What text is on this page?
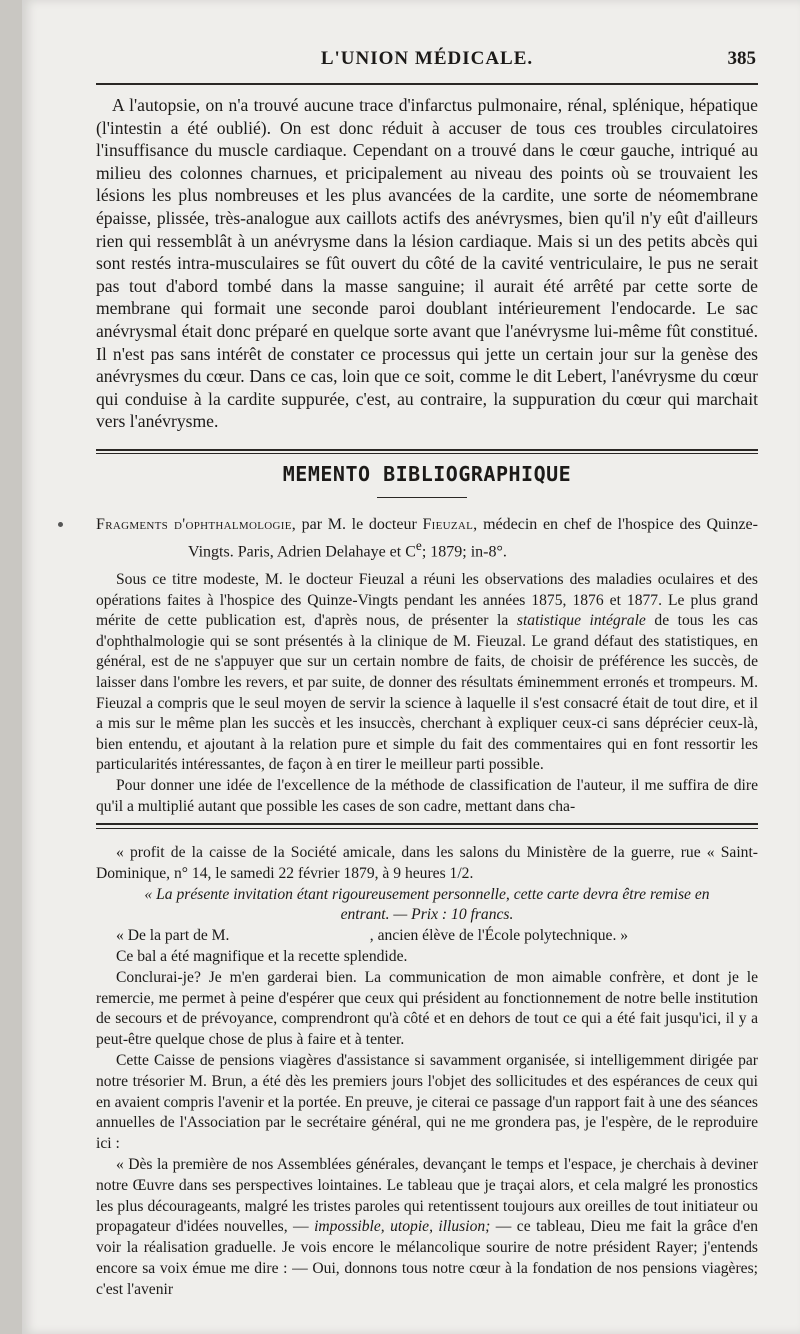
L'UNION MÉDICALE.	385

A l'autopsie, on n'a trouvé aucune trace d'infarctus pulmonaire, rénal, splénique, hépatique (l'intestin a été oublié). On est donc réduit à accuser de tous ces troubles circulatoires l'insuffisance du muscle cardiaque. Cependant on a trouvé dans le cœur gauche, intriqué au milieu des colonnes charnues, et pricipalement au niveau des points où se trouvaient les lésions les plus nombreuses et les plus avancées de la cardite, une sorte de néomembrane épaisse, plissée, très-analogue aux caillots actifs des anévrysmes, bien qu'il n'y eût d'ailleurs rien qui ressemblât à un anévrysme dans la lésion cardiaque. Mais si un des petits abcès qui sont restés intra-musculaires se fût ouvert du côté de la cavité ventriculaire, le pus ne serait pas tout d'abord tombé dans la masse sanguine; il aurait été arrêté par cette sorte de membrane qui formait une seconde paroi doublant intérieurement l'endocarde. Le sac anévrysmal était donc préparé en quelque sorte avant que l'anévrysme lui-même fût constitué. Il n'est pas sans intérêt de constater ce processus qui jette un certain jour sur la genèse des anévrysmes du cœur. Dans ce cas, loin que ce soit, comme le dit Lebert, l'anévrysme du cœur qui conduise à la cardite suppurée, c'est, au contraire, la suppuration du cœur qui marchait vers l'anévrysme.

MEMENTO BIBLIOGRAPHIQUE

Fragments d'ophthalmologie, par M. le docteur Fieuzal, médecin en chef de l'hospice des Quinze-Vingts. Paris, Adrien Delahaye et Ce; 1879; in-8°.

Sous ce titre modeste, M. le docteur Fieuzal a réuni les observations des maladies oculaires et des opérations faites à l'hospice des Quinze-Vingts pendant les années 1875, 1876 et 1877. Le plus grand mérite de cette publication est, d'après nous, de présenter la statistique intégrale de tous les cas d'ophthalmologie qui se sont présentés à la clinique de M. Fieuzal. Le grand défaut des statistiques, en général, est de ne s'appuyer que sur un certain nombre de faits, de choisir de préférence les succès, de laisser dans l'ombre les revers, et par suite, de donner des résultats éminemment erronés et trompeurs. M. Fieuzal a compris que le seul moyen de servir la science à laquelle il s'est consacré était de tout dire, et il a mis sur le même plan les succès et les insuccès, cherchant à expliquer ceux-ci sans déprécier ceux-là, bien entendu, et ajoutant à la relation pure et simple du fait des commentaires qui en font ressortir les particularités intéressantes, de façon à en tirer le meilleur parti possible.

Pour donner une idée de l'excellence de la méthode de classification de l'auteur, il me suffira de dire qu'il a multiplié autant que possible les cases de son cadre, mettant dans cha-

« profit de la caisse de la Société amicale, dans les salons du Ministère de la guerre, rue « Saint-Dominique, n° 14, le samedi 22 février 1879, à 9 heures 1/2.

« La présente invitation étant rigoureusement personnelle, cette carte devra être remise en entrant. — Prix : 10 francs.

« De la part de M.                                    , ancien élève de l'École polytechnique. »

Ce bal a été magnifique et la recette splendide.

Conclurai-je? Je m'en garderai bien. La communication de mon aimable confrère, et dont je le remercie, me permet à peine d'espérer que ceux qui président au fonctionnement de notre belle institution de secours et de prévoyance, comprendront qu'à côté et en dehors de tout ce qui a été fait jusqu'ici, il y a peut-être quelque chose de plus à faire et à tenter.

Cette Caisse de pensions viagères d'assistance si savamment organisée, si intelligemment dirigée par notre trésorier M. Brun, a été dès les premiers jours l'objet des sollicitudes et des espérances de ceux qui en avaient compris l'avenir et la portée. En preuve, je citerai ce passage d'un rapport fait à une des séances annuelles de l'Association par le secrétaire général, qui ne me grondera pas, je l'espère, de le reproduire ici :

« Dès la première de nos Assemblées générales, devançant le temps et l'espace, je cherchais à deviner notre Œuvre dans ses perspectives lointaines. Le tableau que je traçai alors, et cela malgré les pronostics les plus décourageants, malgré les tristes paroles qui retentissent toujours aux oreilles de tout initiateur ou propagateur d'idées nouvelles, — impossible, utopie, illusion; — ce tableau, Dieu me fait la grâce d'en voir la réalisation graduelle. Je vois encore le mélancolique sourire de notre président Rayer; j'entends encore sa voix émue me dire : — Oui, donnons tous notre cœur à la fondation de nos pensions viagères; c'est l'avenir
